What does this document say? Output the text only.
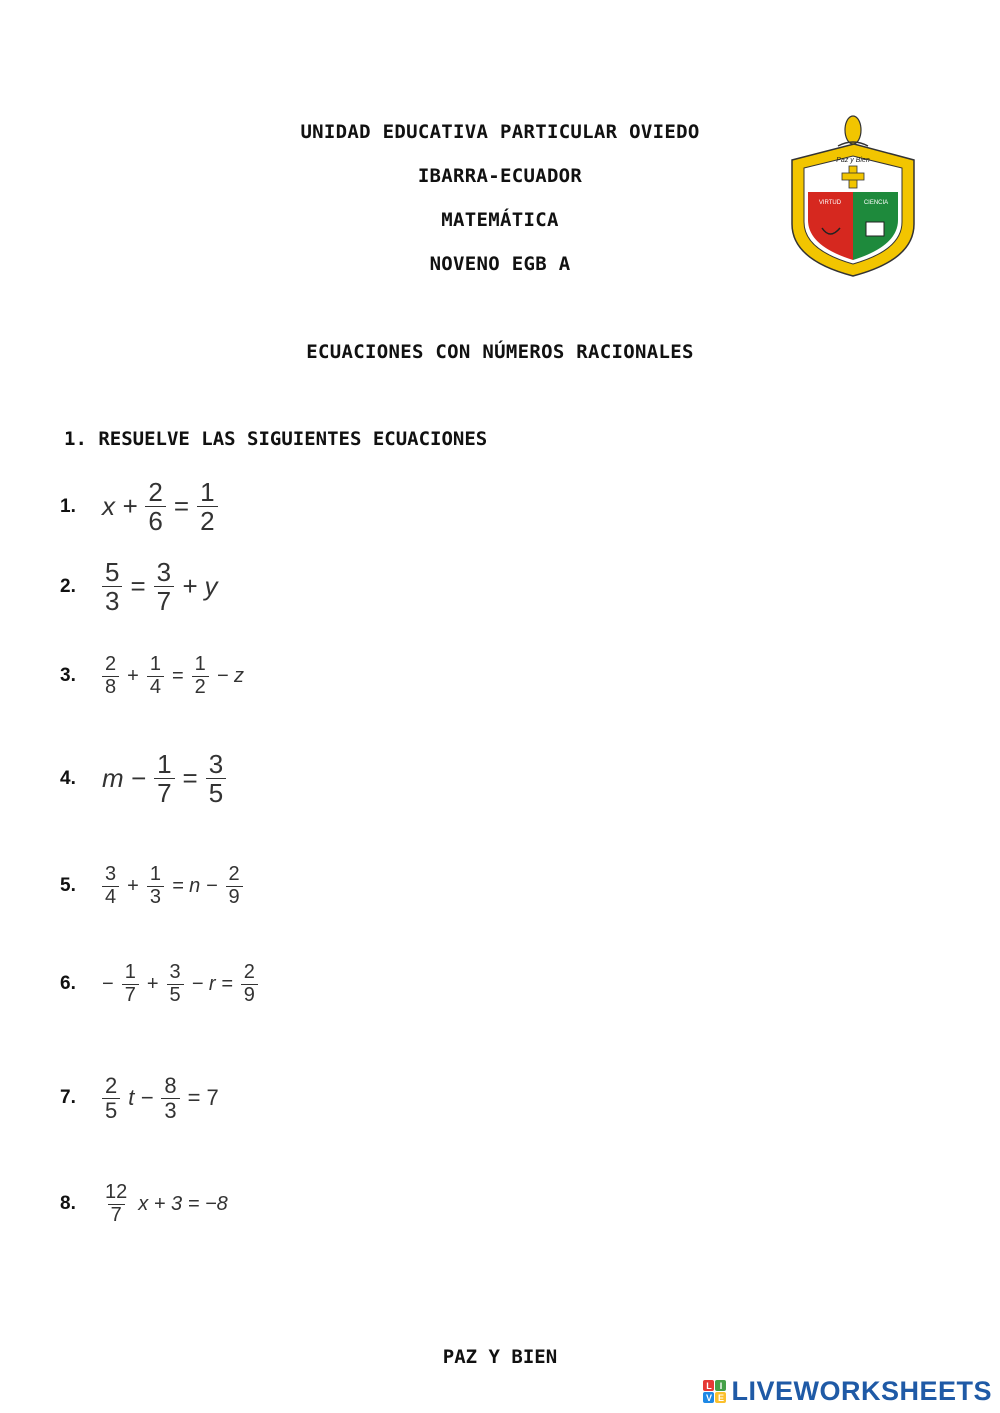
UNIDAD EDUCATIVA PARTICULAR OVIEDO
IBARRA-ECUADOR
MATEMÁTICA
NOVENO EGB A
ECUACIONES CON NÚMEROS RACIONALES
Paz y Bien
VIRTUD	CIENCIA
1. RESUELVE LAS SIGUIENTES ECUACIONES
1.	$x + \frac{2}{6} = \frac{1}{2}$
2.	$\frac{5}{3} = \frac{3}{7} + y$
3.	$\frac{2}{8} + \frac{1}{4} = \frac{1}{2} - z$
4.	$m - \frac{1}{7} = \frac{3}{5}$
5.	$\frac{3}{4} + \frac{1}{3} = n - \frac{2}{9}$
6.	− $\frac{1}{7} + \frac{3}{5} - r = \frac{2}{9}$
7.	$\frac{2}{5}$ $t - \frac{8}{3} = 7$
8.	$\frac{12}{7}$ x + 3 = −8
PAZ Y BIEN
L I
V E LIVEWORKSHEETS
